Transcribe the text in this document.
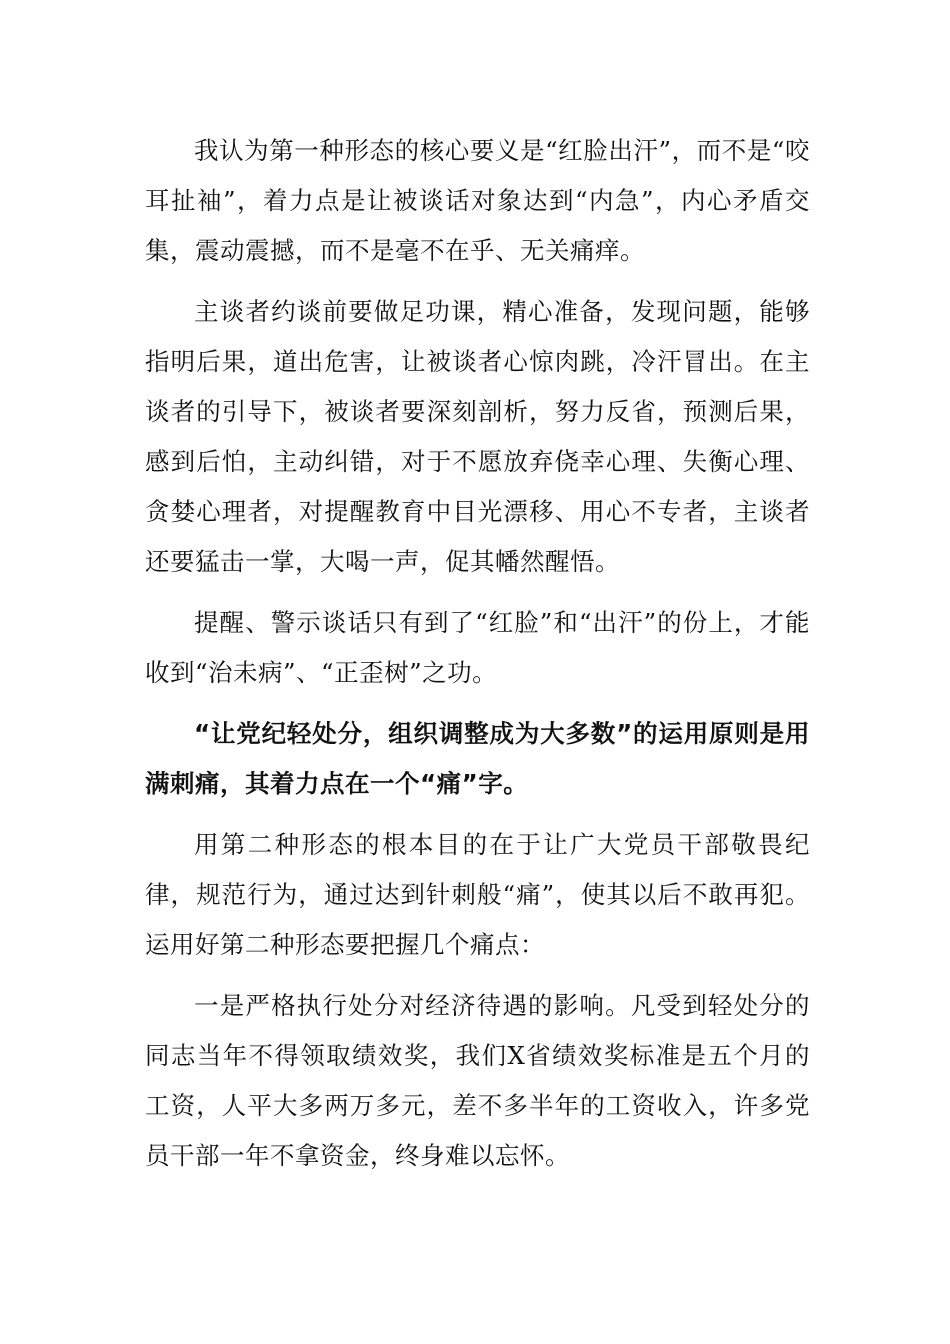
我认为第一种形态的核心要义是“红脸出汗”，而不是“咬耳扯袖”，着力点是让被谈话对象达到“内急”，内心矛盾交集，震动震撼，而不是毫不在乎、无关痛痒。

主谈者约谈前要做足功课，精心准备，发现问题，能够指明后果，道出危害，让被谈者心惊肉跳，冷汗冒出。在主谈者的引导下，被谈者要深刻剖析，努力反省，预测后果，感到后怕，主动纠错，对于不愿放弃侥幸心理、失衡心理、贪婪心理者，对提醒教育中目光漂移、用心不专者，主谈者还要猛击一掌，大喝一声，促其幡然醒悟。

提醒、警示谈话只有到了“红脸”和“出汗”的份上，才能收到“治未病”、“正歪树”之功。

“让党纪轻处分，组织调整成为大多数”的运用原则是用满刺痛，其着力点在一个“痛”字。

用第二种形态的根本目的在于让广大党员干部敬畏纪律，规范行为，通过达到针刺般“痛”，使其以后不敢再犯。运用好第二种形态要把握几个痛点：

一是严格执行处分对经济待遇的影响。凡受到轻处分的同志当年不得领取绩效奖，我们X省绩效奖标准是五个月的工资，人平大多两万多元，差不多半年的工资收入，许多党员干部一年不拿资金，终身难以忘怀。
